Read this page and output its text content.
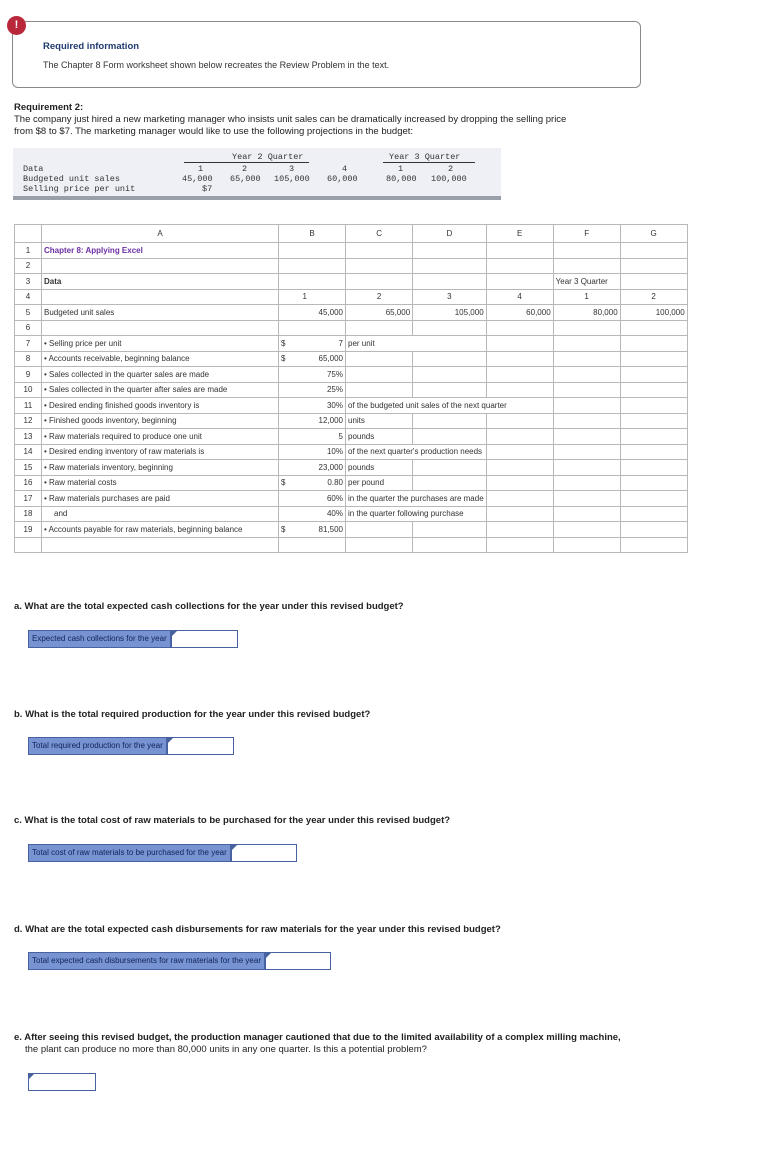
!
Required information
The Chapter 8 Form worksheet shown below recreates the Review Problem in the text.
Requirement 2:
The company just hired a new marketing manager who insists unit sales can be dramatically increased by dropping the selling price
from $8 to $7. The marketing manager would like to use the following projections in the budget:
Year 2 Quarter	Year 3 Quarter
Data	1	2	3	4	1	2
Budgeted unit sales	45,000 65,000 105,000 60,000	80,000 100,000
Selling price per unit	$7
	A	B		C	D	E	F	G
1	Chapter 8: Applying Excel							
2								
3	Data						Year 3 Quarter	
4			1	2	3	4	1	2
5	Budgeted unit sales		45,000	65,000	105,000	60,000	80,000	100,000
6								
7	• Selling price per unit	$	7	per unit				
8	• Accounts receivable, beginning balance	$	65,000					
9	• Sales collected in the quarter sales are made		75%					
10	• Sales collected in the quarter after sales are made		25%					
11	• Desired ending finished goods inventory is		30%	of the budgeted unit sales of the next quarter				
12	• Finished goods inventory, beginning		12,000	units				
13	• Raw materials required to produce one unit		5	pounds				
14	• Desired ending inventory of raw materials is		10%	of the next quarter's production needs				
15	• Raw materials inventory, beginning		23,000	pounds				
16	• Raw material costs	$	0.80	per pound				
17	• Raw materials purchases are paid		60%	in the quarter the purchases are made				
18	and		40%	in the quarter following purchase				
19	• Accounts payable for raw materials, beginning balance	$	81,500					

a. What are the total expected cash collections for the year under this revised budget?
Expected cash collections for the year
b. What is the total required production for the year under this revised budget?
Total required production for the year
c. What is the total cost of raw materials to be purchased for the year under this revised budget?
Total cost of raw materials to be purchased for the year
d. What are the total expected cash disbursements for raw materials for the year under this revised budget?
Total expected cash disbursements for raw materials for the year
e. After seeing this revised budget, the production manager cautioned that due to the limited availability of a complex milling machine,
the plant can produce no more than 80,000 units in any one quarter. Is this a potential problem?
